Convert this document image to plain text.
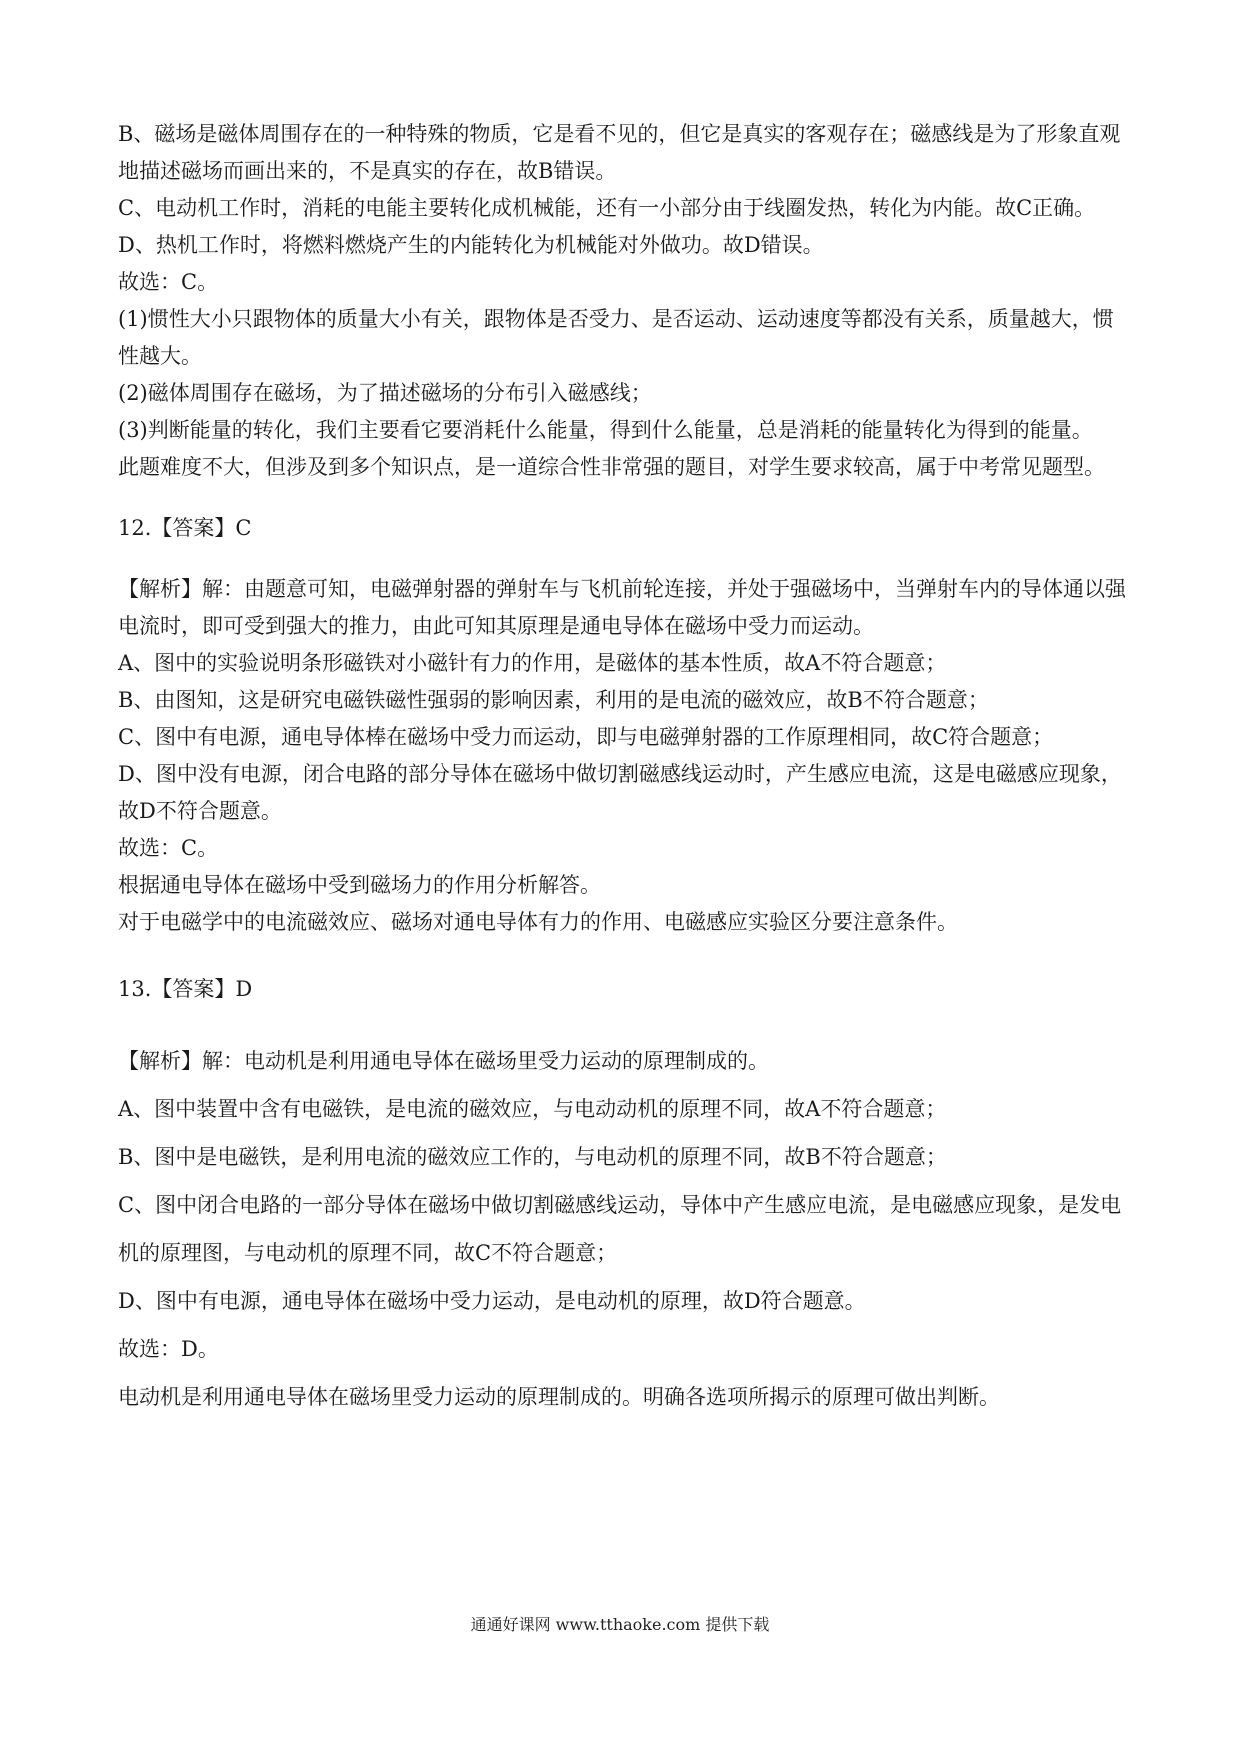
B、磁场是磁体周围存在的一种特殊的物质，它是看不见的，但它是真实的客观存在；磁感线是为了形象直观地描述磁场而画出来的，不是真实的存在，故B错误。

C、电动机工作时，消耗的电能主要转化成机械能，还有一小部分由于线圈发热，转化为内能。故C正确。

D、热机工作时，将燃料燃烧产生的内能转化为机械能对外做功。故D错误。

故选：C。

(1)惯性大小只跟物体的质量大小有关，跟物体是否受力、是否运动、运动速度等都没有关系，质量越大，惯性越大。

(2)磁体周围存在磁场，为了描述磁场的分布引入磁感线；

(3)判断能量的转化，我们主要看它要消耗什么能量，得到什么能量，总是消耗的能量转化为得到的能量。

此题难度不大，但涉及到多个知识点，是一道综合性非常强的题目，对学生要求较高，属于中考常见题型。

12.【答案】C

【解析】解：由题意可知，电磁弹射器的弹射车与飞机前轮连接，并处于强磁场中，当弹射车内的导体通以强电流时，即可受到强大的推力，由此可知其原理是通电导体在磁场中受力而运动。

A、图中的实验说明条形磁铁对小磁针有力的作用，是磁体的基本性质，故A不符合题意；

B、由图知，这是研究电磁铁磁性强弱的影响因素，利用的是电流的磁效应，故B不符合题意；

C、图中有电源，通电导体棒在磁场中受力而运动，即与电磁弹射器的工作原理相同，故C符合题意；

D、图中没有电源，闭合电路的部分导体在磁场中做切割磁感线运动时，产生感应电流，这是电磁感应现象，故D不符合题意。

故选：C。

根据通电导体在磁场中受到磁场力的作用分析解答。

对于电磁学中的电流磁效应、磁场对通电导体有力的作用、电磁感应实验区分要注意条件。

13.【答案】D

【解析】解：电动机是利用通电导体在磁场里受力运动的原理制成的。

A、图中装置中含有电磁铁，是电流的磁效应，与电动动机的原理不同，故A不符合题意；

B、图中是电磁铁，是利用电流的磁效应工作的，与电动机的原理不同，故B不符合题意；

C、图中闭合电路的一部分导体在磁场中做切割磁感线运动，导体中产生感应电流，是电磁感应现象，是发电机的原理图，与电动机的原理不同，故C不符合题意；

D、图中有电源，通电导体在磁场中受力运动，是电动机的原理，故D符合题意。

故选：D。

电动机是利用通电导体在磁场里受力运动的原理制成的。明确各选项所揭示的原理可做出判断。

通通好课网 www.tthaoke.com 提供下载
